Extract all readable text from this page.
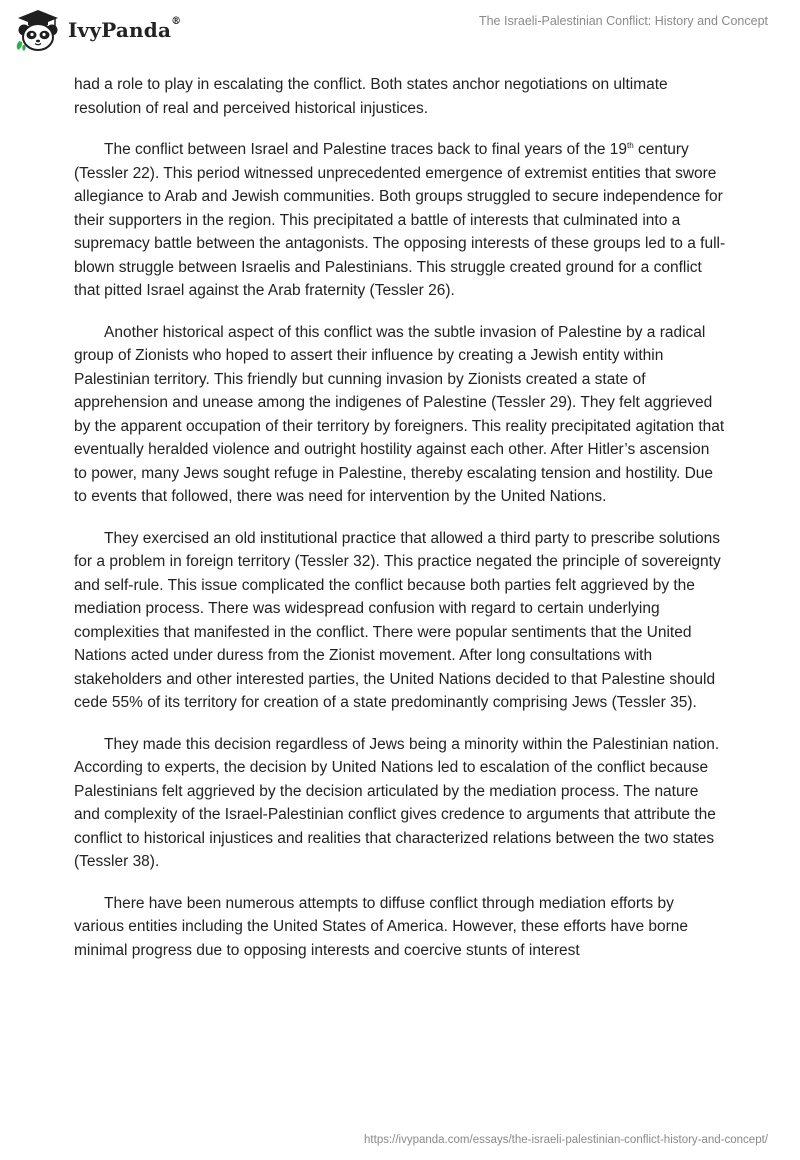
IvyPanda®	The Israeli-Palestinian Conflict: History and Concept

had a role to play in escalating the conflict. Both states anchor negotiations on ultimate resolution of real and perceived historical injustices.

The conflict between Israel and Palestine traces back to final years of the 19th century (Tessler 22). This period witnessed unprecedented emergence of extremist entities that swore allegiance to Arab and Jewish communities. Both groups struggled to secure independence for their supporters in the region. This precipitated a battle of interests that culminated into a supremacy battle between the antagonists. The opposing interests of these groups led to a full-blown struggle between Israelis and Palestinians. This struggle created ground for a conflict that pitted Israel against the Arab fraternity (Tessler 26).

Another historical aspect of this conflict was the subtle invasion of Palestine by a radical group of Zionists who hoped to assert their influence by creating a Jewish entity within Palestinian territory. This friendly but cunning invasion by Zionists created a state of apprehension and unease among the indigenes of Palestine (Tessler 29). They felt aggrieved by the apparent occupation of their territory by foreigners. This reality precipitated agitation that eventually heralded violence and outright hostility against each other. After Hitler’s ascension to power, many Jews sought refuge in Palestine, thereby escalating tension and hostility. Due to events that followed, there was need for intervention by the United Nations.

They exercised an old institutional practice that allowed a third party to prescribe solutions for a problem in foreign territory (Tessler 32). This practice negated the principle of sovereignty and self-rule. This issue complicated the conflict because both parties felt aggrieved by the mediation process. There was widespread confusion with regard to certain underlying complexities that manifested in the conflict. There were popular sentiments that the United Nations acted under duress from the Zionist movement. After long consultations with stakeholders and other interested parties, the United Nations decided to that Palestine should cede 55% of its territory for creation of a state predominantly comprising Jews (Tessler 35).

They made this decision regardless of Jews being a minority within the Palestinian nation. According to experts, the decision by United Nations led to escalation of the conflict because Palestinians felt aggrieved by the decision articulated by the mediation process. The nature and complexity of the Israel-Palestinian conflict gives credence to arguments that attribute the conflict to historical injustices and realities that characterized relations between the two states (Tessler 38).

There have been numerous attempts to diffuse conflict through mediation efforts by various entities including the United States of America. However, these efforts have borne minimal progress due to opposing interests and coercive stunts of interest

https://ivypanda.com/essays/the-israeli-palestinian-conflict-history-and-concept/
